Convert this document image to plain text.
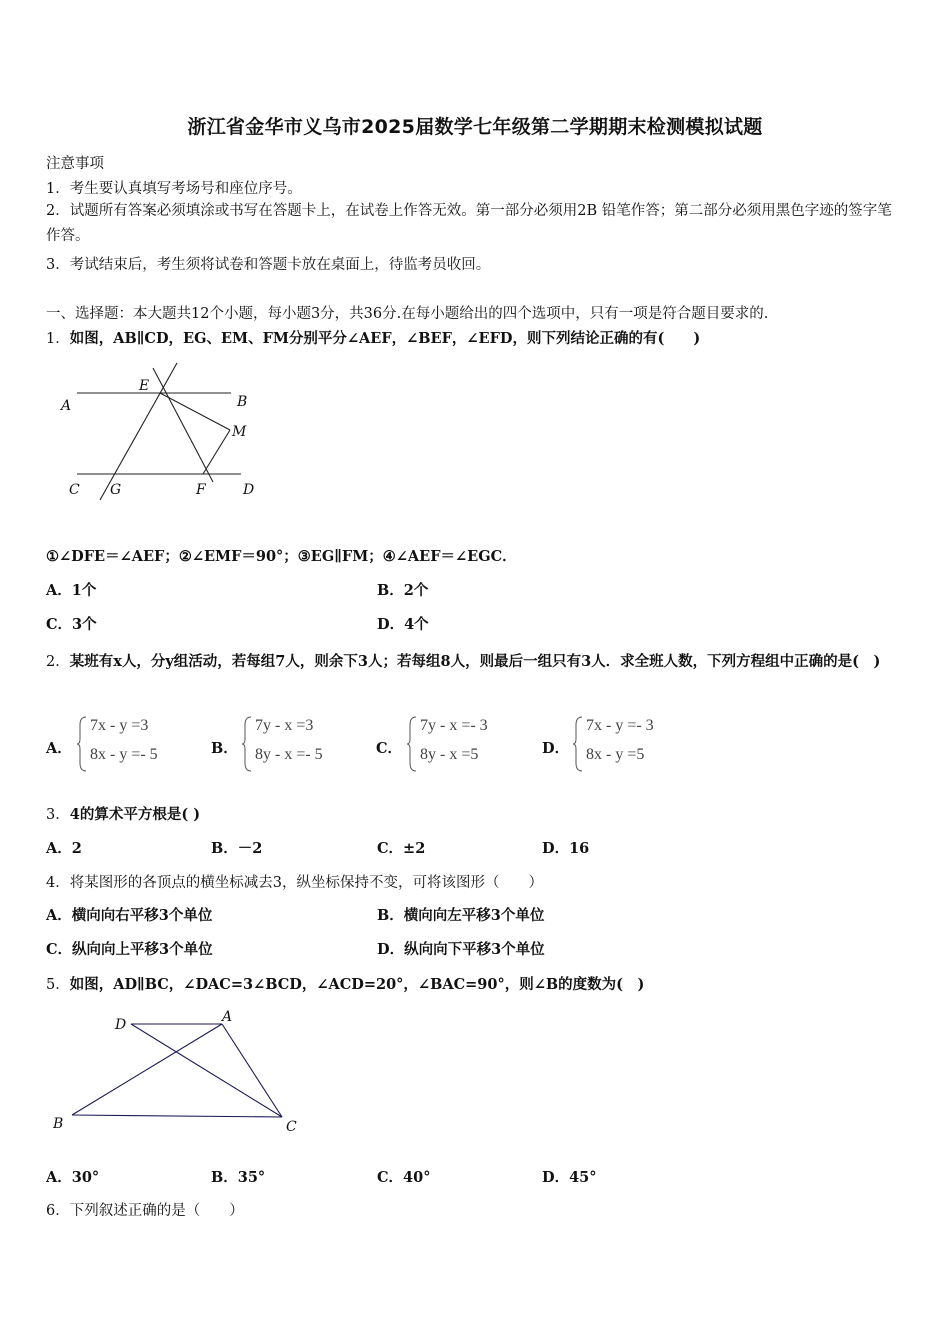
浙江省金华市义乌市2025届数学七年级第二学期期末检测模拟试题
注意事项
1．考生要认真填写考场号和座位序号。
2．试题所有答案必须填涂或书写在答题卡上，在试卷上作答无效。第一部分必须用2B 铅笔作答；第二部分必须用黑色字迹的签字笔作答。
3．考试结束后，考生须将试卷和答题卡放在桌面上，待监考员收回。
一、选择题：本大题共12个小题，每小题3分，共36分.在每小题给出的四个选项中，只有一项是符合题目要求的.
1．如图，AB∥CD，EG、EM、FM分别平分∠AEF，∠BEF，∠EFD，则下列结论正确的有(　　)
A	B
C	D
E
F
G
M
①∠DFE＝∠AEF；②∠EMF＝90°；③EG∥FM；④∠AEF＝∠EGC．
A．1个	B．2个
C．3个	D．4个
2．某班有x人，分y组活动，若每组7人，则余下3人；若每组8人，则最后一组只有3人．求全班人数，下列方程组中正确的是(　)
A．
7x - y =3
8x - y =- 5	B．
7y - x =3
8y - x =- 5	C．
7y - x =- 3
8y - x =5	D．
7x - y =- 3
8x - y =5
3．4的算术平方根是( )
A．2	B．－2	C．±2	D．16
4．将某图形的各顶点的横坐标减去3，纵坐标保持不变，可将该图形（　　）
A．横向向右平移3个单位	B．横向向左平移3个单位
C．纵向向上平移3个单位	D．纵向向下平移3个单位
5．如图，AD∥BC，∠DAC=3∠BCD，∠ACD=20°，∠BAC=90°，则∠B的度数为(　)
D	A
B	C
A．30°	B．35°	C．40°	D．45°
6．下列叙述正确的是（　　）
